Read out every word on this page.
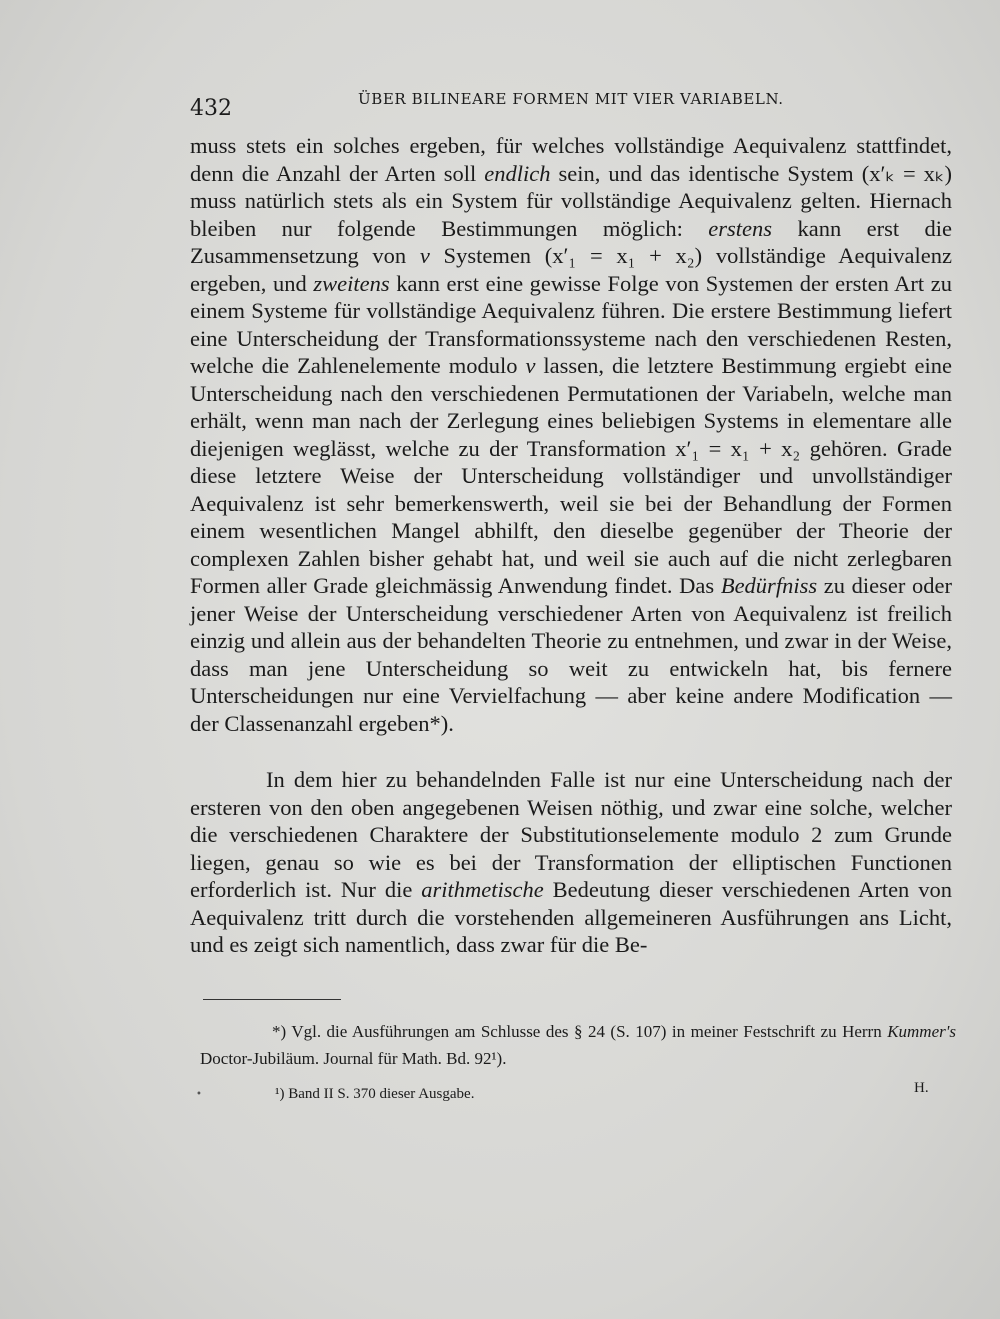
432	ÜBER BILINEARE FORMEN MIT VIER VARIABELN.

muss stets ein solches ergeben, für welches vollständige Aequivalenz stattfindet, denn die Anzahl der Arten soll endlich sein, und das identische System (x′ₖ = xₖ) muss natürlich stets als ein System für vollständige Aequivalenz gelten. Hiernach bleiben nur folgende Bestimmungen möglich: erstens kann erst die Zusammensetzung von ν Systemen (x′₁ = x₁ + x₂) vollständige Aequivalenz ergeben, und zweitens kann erst eine gewisse Folge von Systemen der ersten Art zu einem Systeme für vollständige Aequivalenz führen. Die erstere Bestimmung liefert eine Unterscheidung der Transformationssysteme nach den verschiedenen Resten, welche die Zahlenelemente modulo ν lassen, die letztere Bestimmung ergiebt eine Unterscheidung nach den verschiedenen Permutationen der Variabeln, welche man erhält, wenn man nach der Zerlegung eines beliebigen Systems in elementare alle diejenigen weglässt, welche zu der Transformation x′₁ = x₁ + x₂ gehören. Grade diese letztere Weise der Unterscheidung vollständiger und unvollständiger Aequivalenz ist sehr bemerkenswerth, weil sie bei der Behandlung der Formen einem wesentlichen Mangel abhilft, den dieselbe gegenüber der Theorie der complexen Zahlen bisher gehabt hat, und weil sie auch auf die nicht zerlegbaren Formen aller Grade gleichmässig Anwendung findet. Das Bedürfniss zu dieser oder jener Weise der Unterscheidung verschiedener Arten von Aequivalenz ist freilich einzig und allein aus der behandelten Theorie zu entnehmen, und zwar in der Weise, dass man jene Unterscheidung so weit zu entwickeln hat, bis fernere Unterscheidungen nur eine Vervielfachung — aber keine andere Modification — der Classenanzahl ergeben*).

In dem hier zu behandelnden Falle ist nur eine Unterscheidung nach der ersteren von den oben angegebenen Weisen nöthig, und zwar eine solche, welcher die verschiedenen Charaktere der Substitutionselemente modulo 2 zum Grunde liegen, genau so wie es bei der Transformation der elliptischen Functionen erforderlich ist. Nur die arithmetische Bedeutung dieser verschiedenen Arten von Aequivalenz tritt durch die vorstehenden allgemeineren Ausführungen ans Licht, und es zeigt sich namentlich, dass zwar für die Be-

*) Vgl. die Ausführungen am Schlusse des § 24 (S. 107) in meiner Festschrift zu Herrn Kummer's Doctor-Jubiläum. Journal für Math. Bd. 92¹).

•	¹) Band II S. 370 dieser Ausgabe.	H.
